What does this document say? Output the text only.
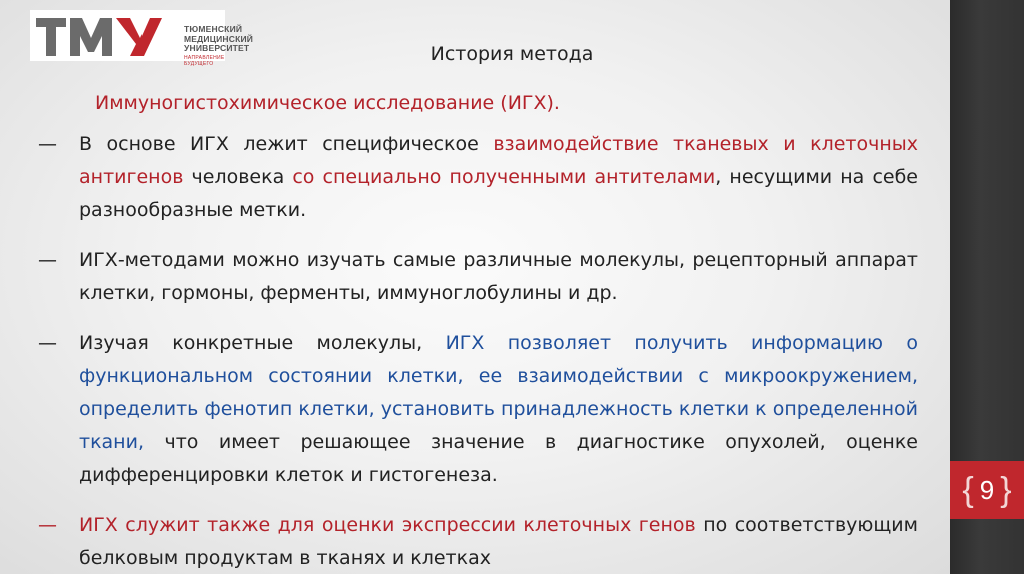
ТЮМЕНСКИЙ
МЕДИЦИНСКИЙ
УНИВЕРСИТЕТ
НАПРАВЛЕНИЕ БУДУЩЕГО	История метода
Иммуногистохимическое исследование (ИГХ).
— В основе ИГХ лежит специфическое взаимодействие тканевых и клеточных антигенов человека со специально полученными антителами, несущими на себе разнообразные метки.
— ИГХ-методами можно изучать самые различные молекулы, рецепторный аппарат клетки, гормоны, ферменты, иммуноглобулины и др.
— Изучая конкретные молекулы, ИГХ позволяет получить информацию о функциональном состоянии клетки, ее взаимодействии с микроокружением, определить фенотип клетки, установить принадлежность клетки к определенной ткани, что имеет решающее значение в диагностике опухолей, оценке дифференцировки клеток и гистогенеза.
— ИГХ служит также для оценки экспрессии клеточных генов по соответствующим белковым продуктам в тканях и клетках
{ 9 }
